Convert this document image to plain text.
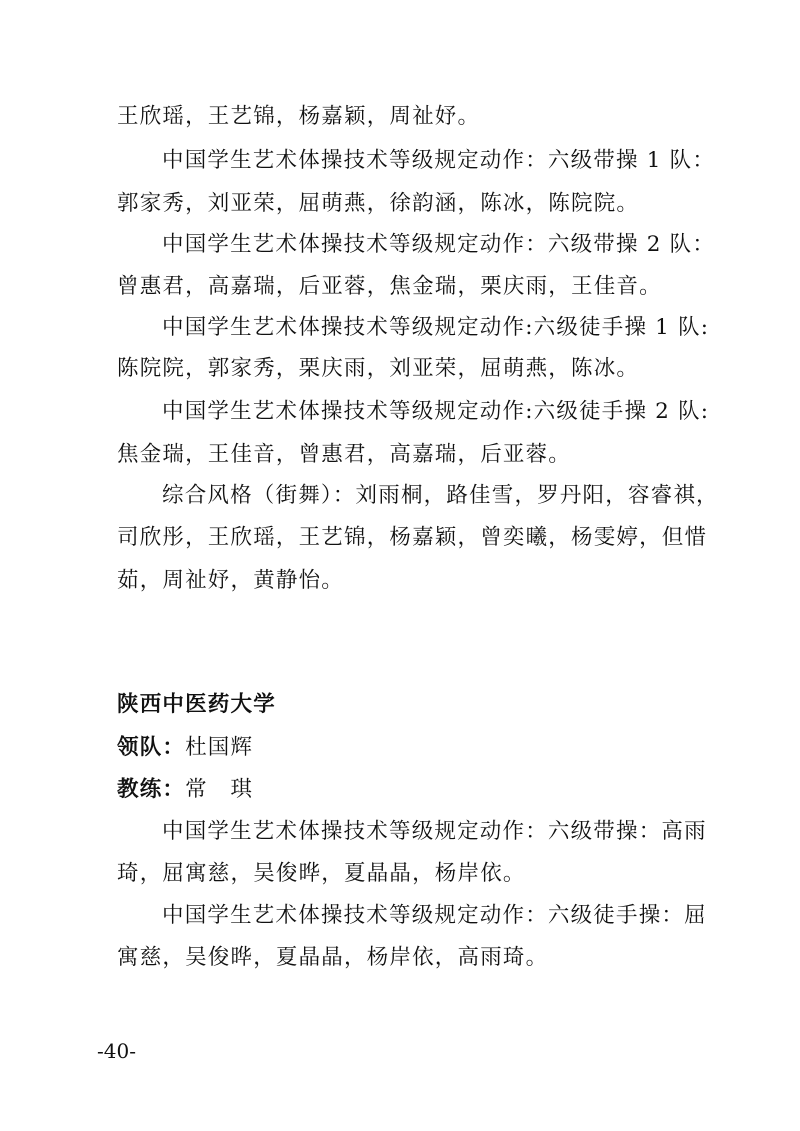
王欣瑶，王艺锦，杨嘉颖，周祉妤。
中国学生艺术体操技术等级规定动作：六级带操 1 队：
郭家秀，刘亚荣，屈萌燕，徐韵涵，陈冰，陈院院。
中国学生艺术体操技术等级规定动作：六级带操 2 队：
曾惠君，高嘉瑞，后亚蓉，焦金瑞，栗庆雨，王佳音。
中国学生艺术体操技术等级规定动作:六级徒手操 1 队:
陈院院，郭家秀，栗庆雨，刘亚荣，屈萌燕，陈冰。
中国学生艺术体操技术等级规定动作:六级徒手操 2 队:
焦金瑞，王佳音，曾惠君，高嘉瑞，后亚蓉。
综合风格（街舞）：刘雨桐，路佳雪，罗丹阳，容睿祺，
司欣彤，王欣瑶，王艺锦，杨嘉颖，曾奕曦，杨雯婷，但惜
茹，周祉妤，黄静怡。
陕西中医药大学
领队：杜国辉
教练：常　琪
中国学生艺术体操技术等级规定动作：六级带操：高雨
琦，屈寓慈，吴俊晔，夏晶晶，杨岸依。
中国学生艺术体操技术等级规定动作：六级徒手操：屈
寓慈，吴俊晔，夏晶晶，杨岸依，高雨琦。
-40-
